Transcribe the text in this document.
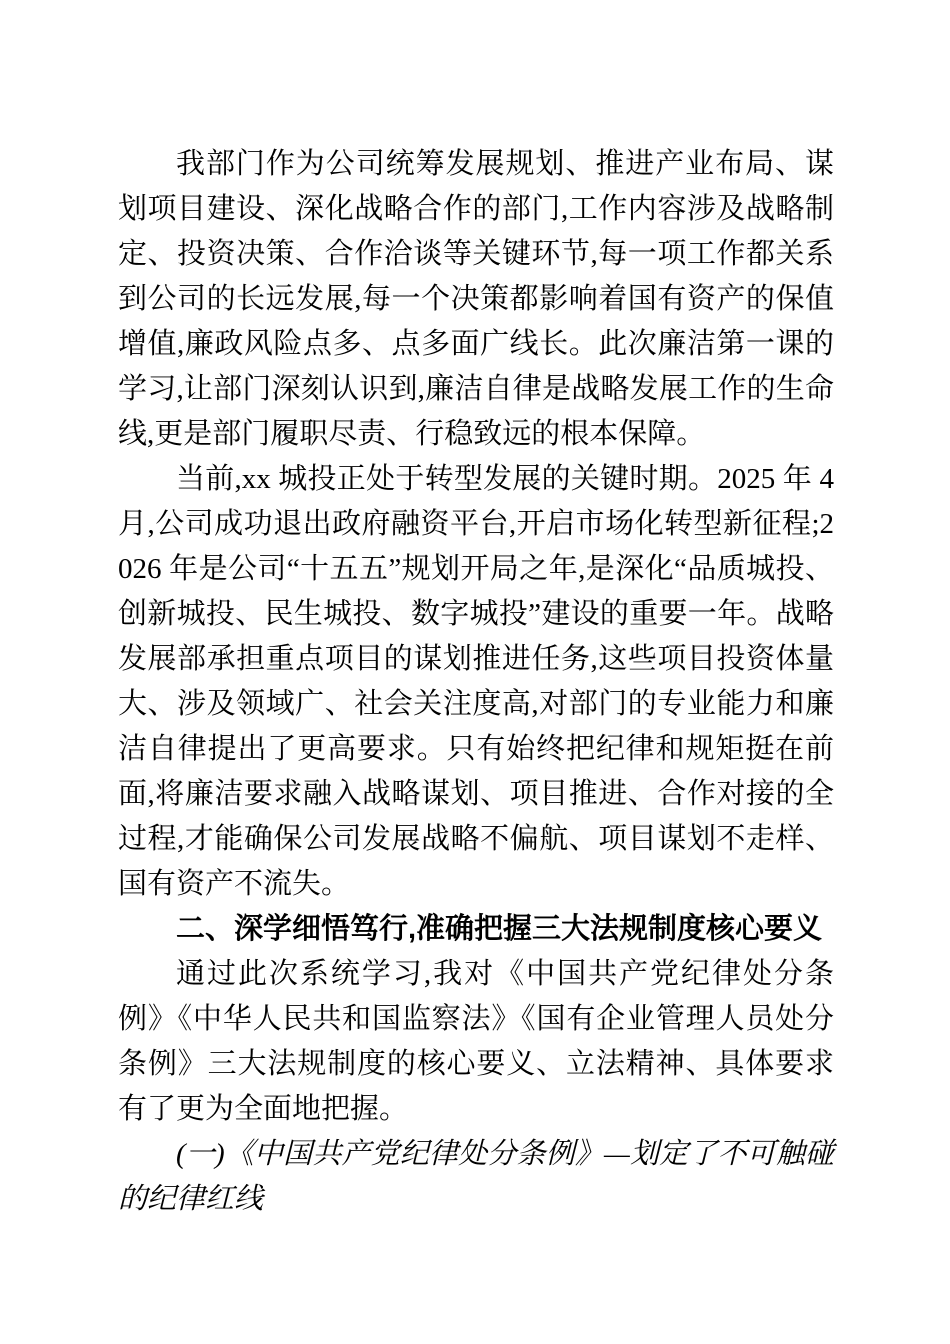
我部门作为公司统筹发展规划、推进产业布局、谋划项目建设、深化战略合作的部门,工作内容涉及战略制定、投资决策、合作洽谈等关键环节,每一项工作都关系到公司的长远发展,每一个决策都影响着国有资产的保值增值,廉政风险点多、点多面广线长。此次廉洁第一课的学习,让部门深刻认识到,廉洁自律是战略发展工作的生命线,更是部门履职尽责、行稳致远的根本保障。

当前,xx 城投正处于转型发展的关键时期。2025 年 4 月,公司成功退出政府融资平台,开启市场化转型新征程;2026 年是公司“十五五”规划开局之年,是深化“品质城投、创新城投、民生城投、数字城投”建设的重要一年。战略发展部承担重点项目的谋划推进任务,这些项目投资体量大、涉及领域广、社会关注度高,对部门的专业能力和廉洁自律提出了更高要求。只有始终把纪律和规矩挺在前面,将廉洁要求融入战略谋划、项目推进、合作对接的全过程,才能确保公司发展战略不偏航、项目谋划不走样、国有资产不流失。

二、深学细悟笃行,准确把握三大法规制度核心要义

通过此次系统学习,我对《中国共产党纪律处分条例》《中华人民共和国监察法》《国有企业管理人员处分条例》三大法规制度的核心要义、立法精神、具体要求有了更为全面地把握。

(一)《中国共产党纪律处分条例》—划定了不可触碰的纪律红线
